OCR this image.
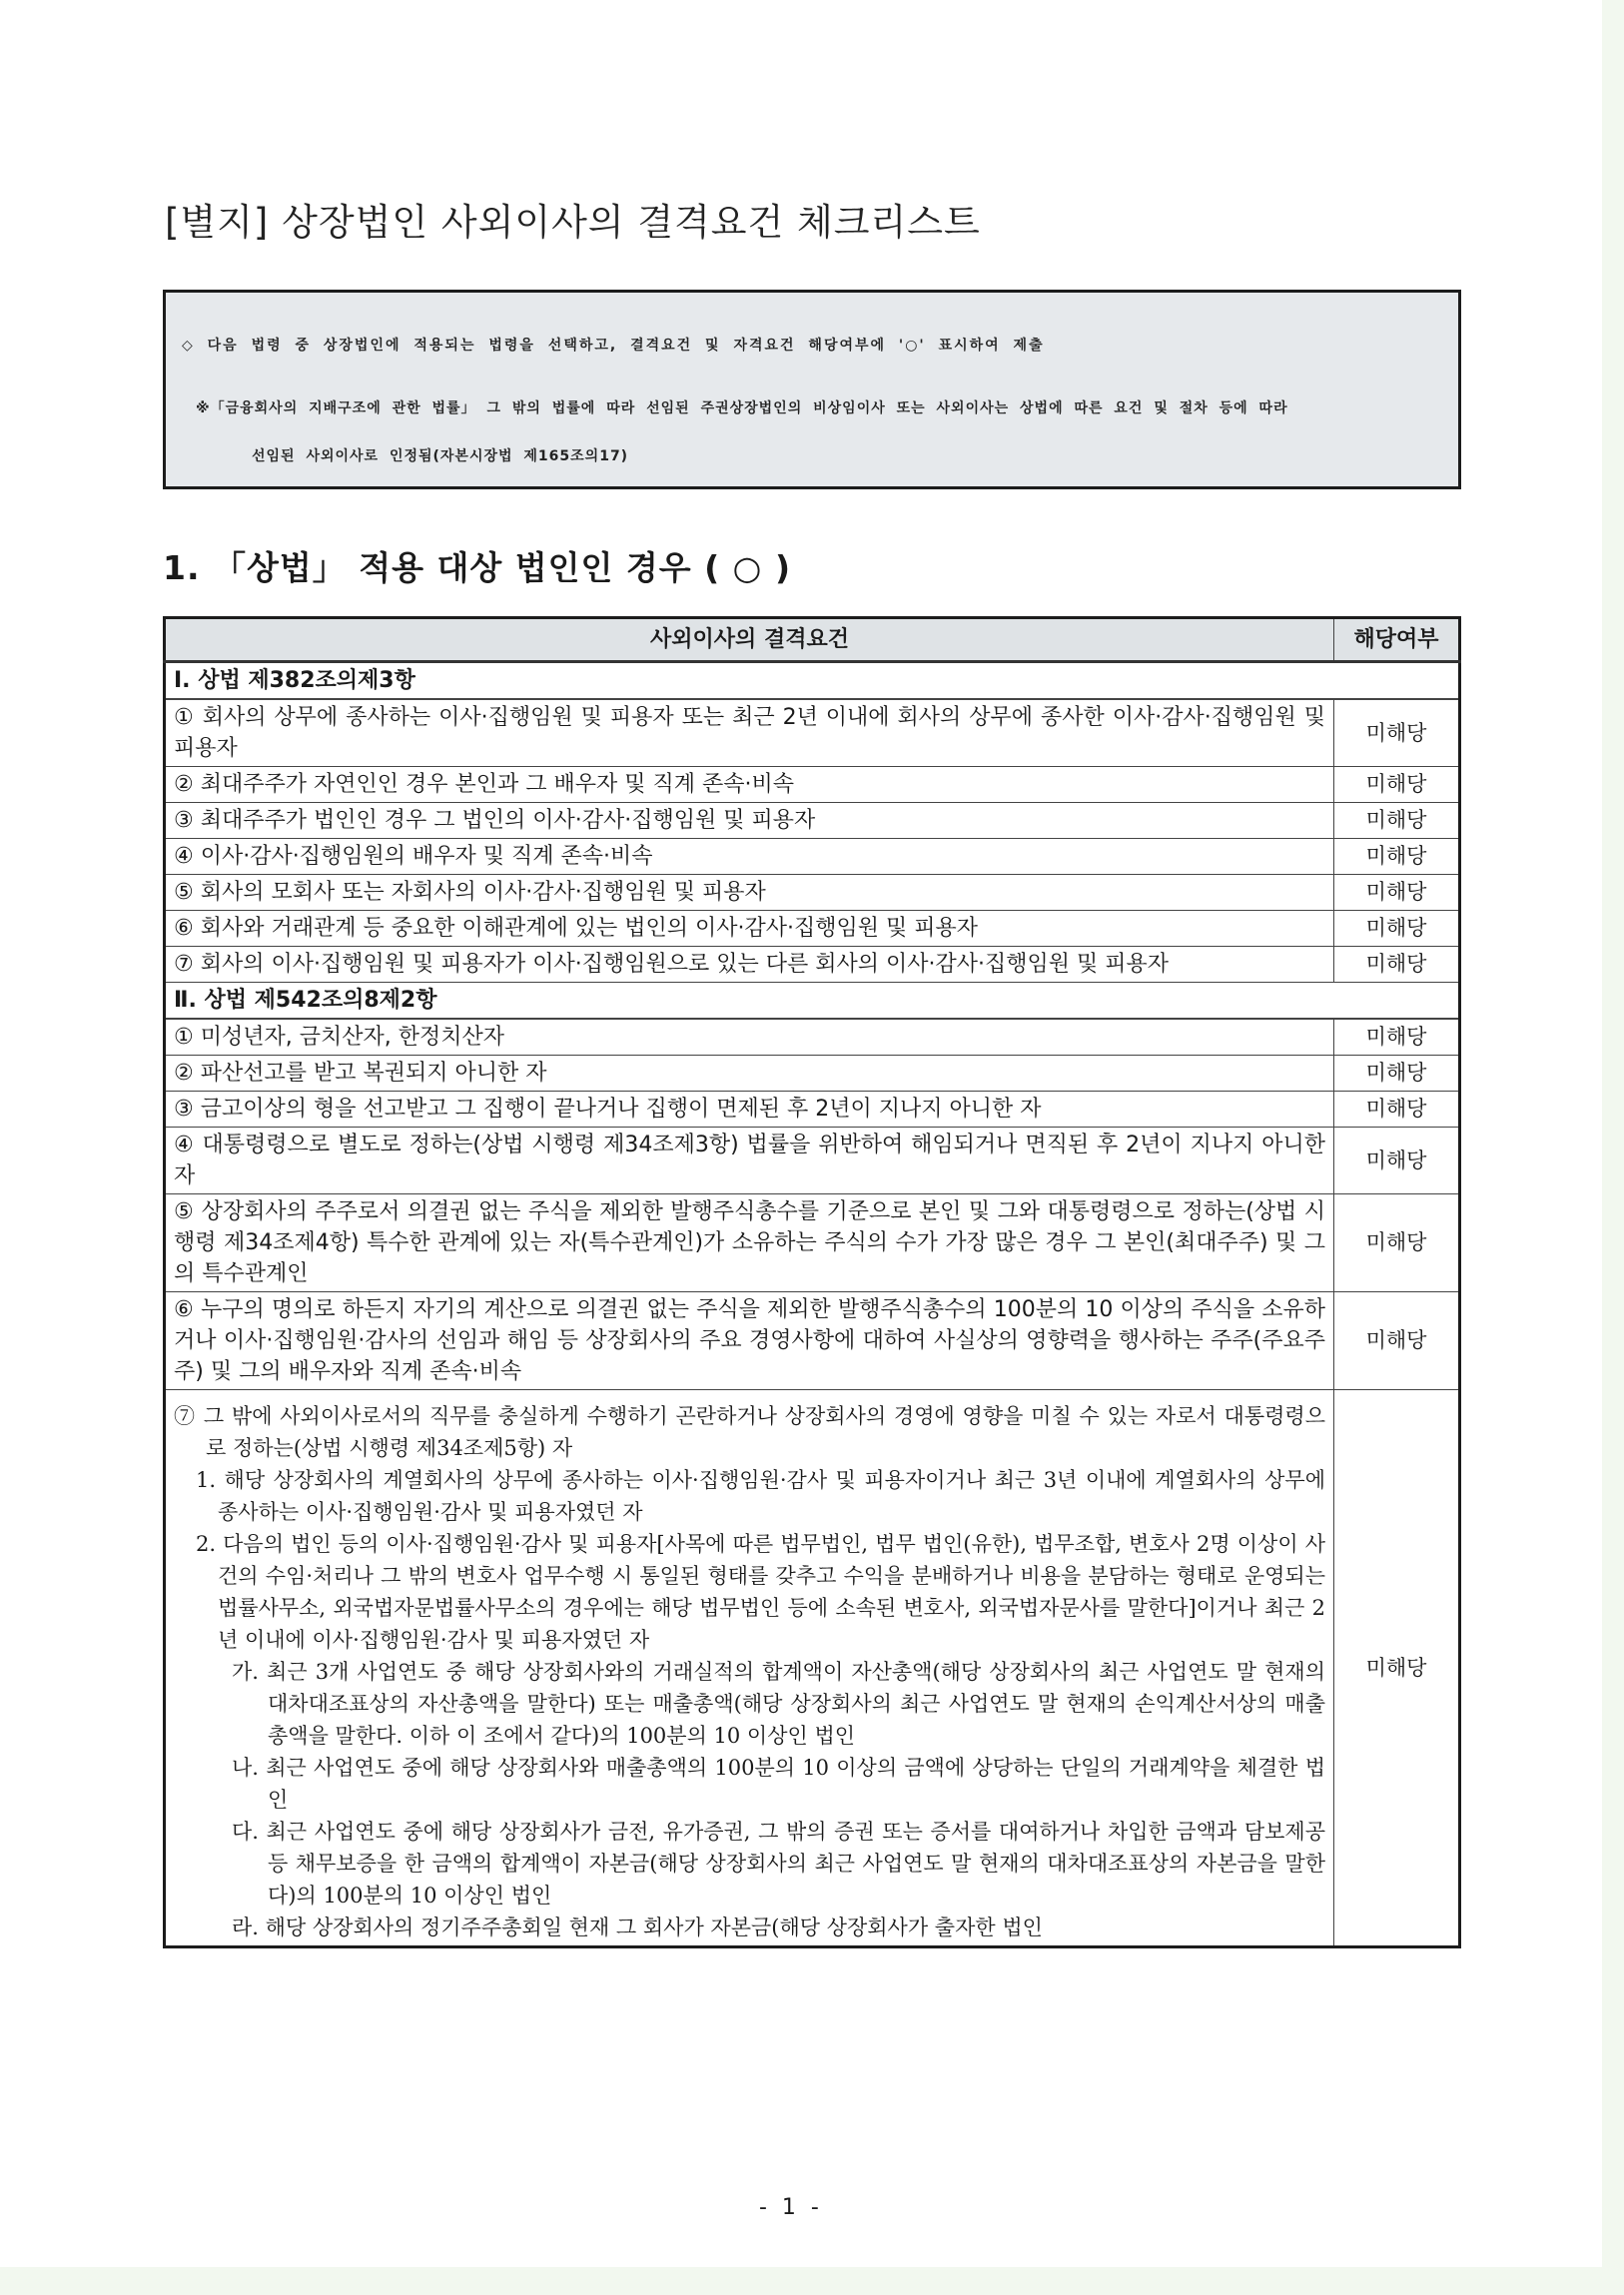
[별지] 상장법인 사외이사의 결격요건 체크리스트
◇ 다음 법령 중 상장법인에 적용되는 법령을 선택하고, 결격요건 및 자격요건 해당여부에 '○' 표시하여 제출
※「금융회사의 지배구조에 관한 법률」 그 밖의 법률에 따라 선임된 주권상장법인의 비상임이사 또는 사외이사는 상법에 따른 요건 및 절차 등에 따라
선임된 사외이사로 인정됨(자본시장법 제165조의17)
1. 「상법」 적용 대상 법인인 경우 ( ○ )
사외이사의 결격요건	해당여부
Ⅰ. 상법 제382조의제3항	
① 회사의 상무에 종사하는 이사·집행임원 및 피용자 또는 최근 2년 이내에 회사의 상무에 종사한 이사·감사·집행임원 및 피용자	미해당
② 최대주주가 자연인인 경우 본인과 그 배우자 및 직계 존속·비속	미해당
③ 최대주주가 법인인 경우 그 법인의 이사·감사·집행임원 및 피용자	미해당
④ 이사·감사·집행임원의 배우자 및 직계 존속·비속	미해당
⑤ 회사의 모회사 또는 자회사의 이사·감사·집행임원 및 피용자	미해당
⑥ 회사와 거래관계 등 중요한 이해관계에 있는 법인의 이사·감사·집행임원 및 피용자	미해당
⑦ 회사의 이사·집행임원 및 피용자가 이사·집행임원으로 있는 다른 회사의 이사·감사·집행임원 및 피용자	미해당
Ⅱ. 상법 제542조의8제2항	
① 미성년자, 금치산자, 한정치산자	미해당
② 파산선고를 받고 복권되지 아니한 자	미해당
③ 금고이상의 형을 선고받고 그 집행이 끝나거나 집행이 면제된 후 2년이 지나지 아니한 자	미해당
④ 대통령령으로 별도로 정하는(상법 시행령 제34조제3항) 법률을 위반하여 해임되거나 면직된 후 2년이 지나지 아니한 자	미해당
⑤ 상장회사의 주주로서 의결권 없는 주식을 제외한 발행주식총수를 기준으로 본인 및 그와 대통령령으로 정하는(상법 시행령 제34조제4항) 특수한 관계에 있는 자(특수관계인)가 소유하는 주식의 수가 가장 많은 경우 그 본인(최대주주) 및 그의 특수관계인	미해당
⑥ 누구의 명의로 하든지 자기의 계산으로 의결권 없는 주식을 제외한 발행주식총수의 100분의 10 이상의 주식을 소유하거나 이사·집행임원·감사의 선임과 해임 등 상장회사의 주요 경영사항에 대하여 사실상의 영향력을 행사하는 주주(주요주주) 및 그의 배우자와 직계 존속·비속	미해당

⑦ 그 밖에 사외이사로서의 직무를 충실하게 수행하기 곤란하거나 상장회사의 경영에 영향을 미칠 수 있는 자로서 대통령령으로 정하는(상법 시행령 제34조제5항) 자
1. 해당 상장회사의 계열회사의 상무에 종사하는 이사·집행임원·감사 및 피용자이거나 최근 3년 이내에 계열회사의 상무에 종사하는 이사·집행임원·감사 및 피용자였던 자
2. 다음의 법인 등의 이사·집행임원·감사 및 피용자[사목에 따른 법무법인, 법무 법인(유한), 법무조합, 변호사 2명 이상이 사건의 수임·처리나 그 밖의 변호사 업무수행 시 통일된 형태를 갖추고 수익을 분배하거나 비용을 분담하는 형태로 운영되는 법률사무소, 외국법자문법률사무소의 경우에는 해당 법무법인 등에 소속된 변호사, 외국법자문사를 말한다]이거나 최근 2년 이내에 이사·집행임원·감사 및 피용자였던 자
가. 최근 3개 사업연도 중 해당 상장회사와의 거래실적의 합계액이 자산총액(해당 상장회사의 최근 사업연도 말 현재의 대차대조표상의 자산총액을 말한다) 또는 매출총액(해당 상장회사의 최근 사업연도 말 현재의 손익계산서상의 매출총액을 말한다. 이하 이 조에서 같다)의 100분의 10 이상인 법인
나. 최근 사업연도 중에 해당 상장회사와 매출총액의 100분의 10 이상의 금액에 상당하는 단일의 거래계약을 체결한 법인
다. 최근 사업연도 중에 해당 상장회사가 금전, 유가증권, 그 밖의 증권 또는 증서를 대여하거나 차입한 금액과 담보제공 등 채무보증을 한 금액의 합계액이 자본금(해당 상장회사의 최근 사업연도 말 현재의 대차대조표상의 자본금을 말한다)의 100분의 10 이상인 법인
라. 해당 상장회사의 정기주주총회일 현재 그 회사가 자본금(해당 상장회사가 출자한 법인
	미해당
- 1 -
